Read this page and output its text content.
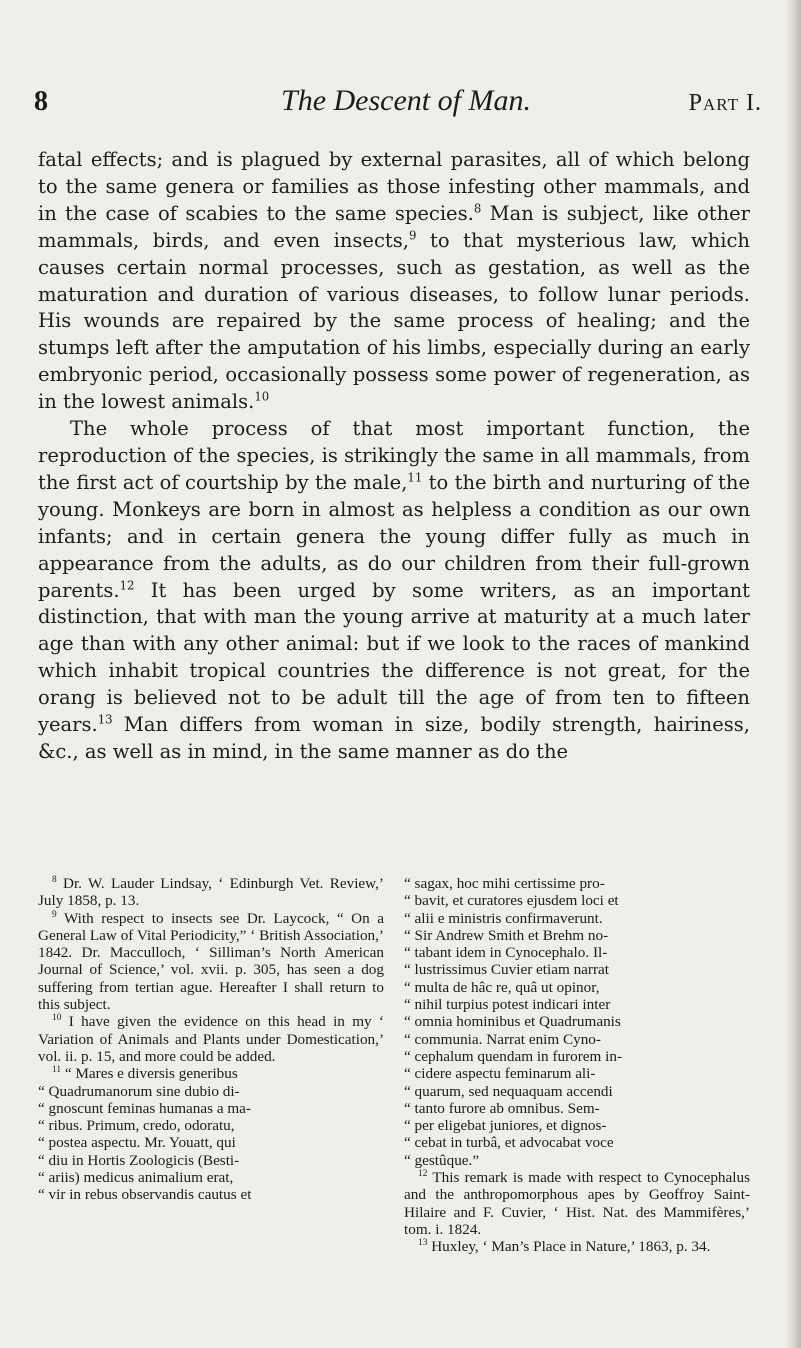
8	The Descent of Man.	Part I.

fatal effects; and is plagued by external parasites, all of which belong to the same genera or families as those infesting other mammals, and in the case of scabies to the same species.$^8$ Man is subject, like other mammals, birds, and even insects,$^9$ to that mysterious law, which causes certain normal processes, such as gestation, as well as the maturation and duration of various diseases, to follow lunar periods. His wounds are repaired by the same process of healing; and the stumps left after the amputation of his limbs, especially during an early embryonic period, occasionally possess some power of regeneration, as in the lowest animals.$^{10}$

The whole process of that most important function, the reproduction of the species, is strikingly the same in all mammals, from the first act of courtship by the male,$^{11}$ to the birth and nurturing of the young. Monkeys are born in almost as helpless a condition as our own infants; and in certain genera the young differ fully as much in appearance from the adults, as do our children from their full-grown parents.$^{12}$ It has been urged by some writers, as an important distinction, that with man the young arrive at maturity at a much later age than with any other animal: but if we look to the races of mankind which inhabit tropical countries the difference is not great, for the orang is believed not to be adult till the age of from ten to fifteen years.$^{13}$ Man differs from woman in size, bodily strength, hairiness, &c., as well as in mind, in the same manner as do the

$^8$ Dr. W. Lauder Lindsay, ‘ Edinburgh Vet. Review,’ July 1858, p. 13.

$^9$ With respect to insects see Dr. Laycock, “ On a General Law of Vital Periodicity,” ‘ British Association,’ 1842. Dr. Macculloch, ‘ Silliman’s North American Journal of Science,’ vol. xvii. p. 305, has seen a dog suffering from tertian ague. Hereafter I shall return to this subject.

$^{10}$ I have given the evidence on this head in my ‘ Variation of Animals and Plants under Domestication,’ vol. ii. p. 15, and more could be added.

$^{11}$ “ Mares e diversis generibus

“ Quadrumanorum sine dubio di-

“ gnoscunt feminas humanas a ma-

“ ribus. Primum, credo, odoratu,

“ postea aspectu. Mr. Youatt, qui

“ diu in Hortis Zoologicis (Besti-

“ ariis) medicus animalium erat,

“ vir in rebus observandis cautus et

“ sagax, hoc mihi certissime pro-

“ bavit, et curatores ejusdem loci et

“ alii e ministris confirmaverunt.

“ Sir Andrew Smith et Brehm no-

“ tabant idem in Cynocephalo. Il-

“ lustrissimus Cuvier etiam narrat

“ multa de hâc re, quâ ut opinor,

“ nihil turpius potest indicari inter

“ omnia hominibus et Quadrumanis

“ communia. Narrat enim Cyno-

“ cephalum quendam in furorem in-

“ cidere aspectu feminarum ali-

“ quarum, sed nequaquam accendi

“ tanto furore ab omnibus. Sem-

“ per eligebat juniores, et dignos-

“ cebat in turbâ, et advocabat voce

“ gestûque.”

$^{12}$ This remark is made with respect to Cynocephalus and the anthropomorphous apes by Geoffroy Saint-Hilaire and F. Cuvier, ‘ Hist. Nat. des Mammifères,’ tom. i. 1824.

$^{13}$ Huxley, ‘ Man’s Place in Nature,’ 1863, p. 34.
